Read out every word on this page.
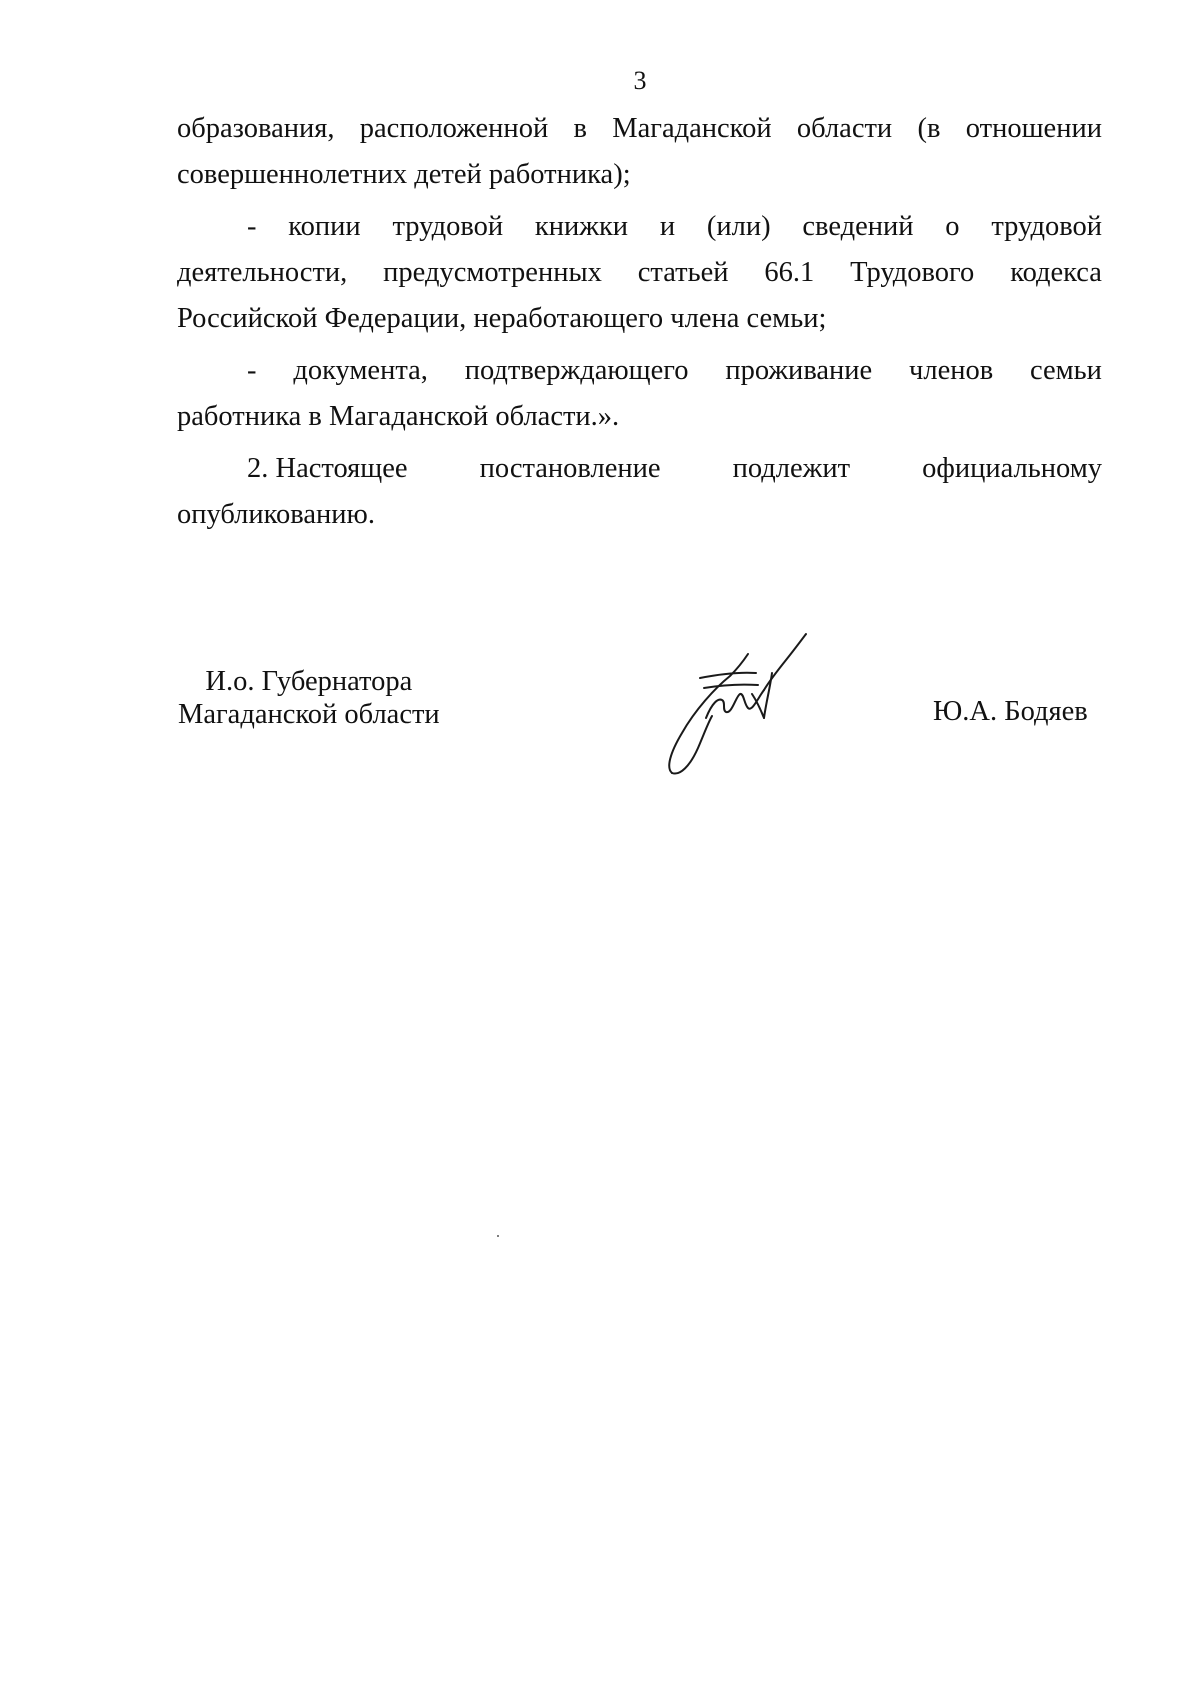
3
образования, расположенной в Магаданской области (в отношении
совершеннолетних детей работника);
- копии трудовой книжки и (или) сведений о трудовой
деятельности, предусмотренных статьей 66.1 Трудового кодекса
Российской Федерации, неработающего члена семьи;
- документа, подтверждающего проживание членов семьи
работника в Магаданской области.».
2. Настоящее	постановление	подлежит	официальному
опубликованию.
И.о. Губернатора
Магаданской области	Ю.А. Бодяев
